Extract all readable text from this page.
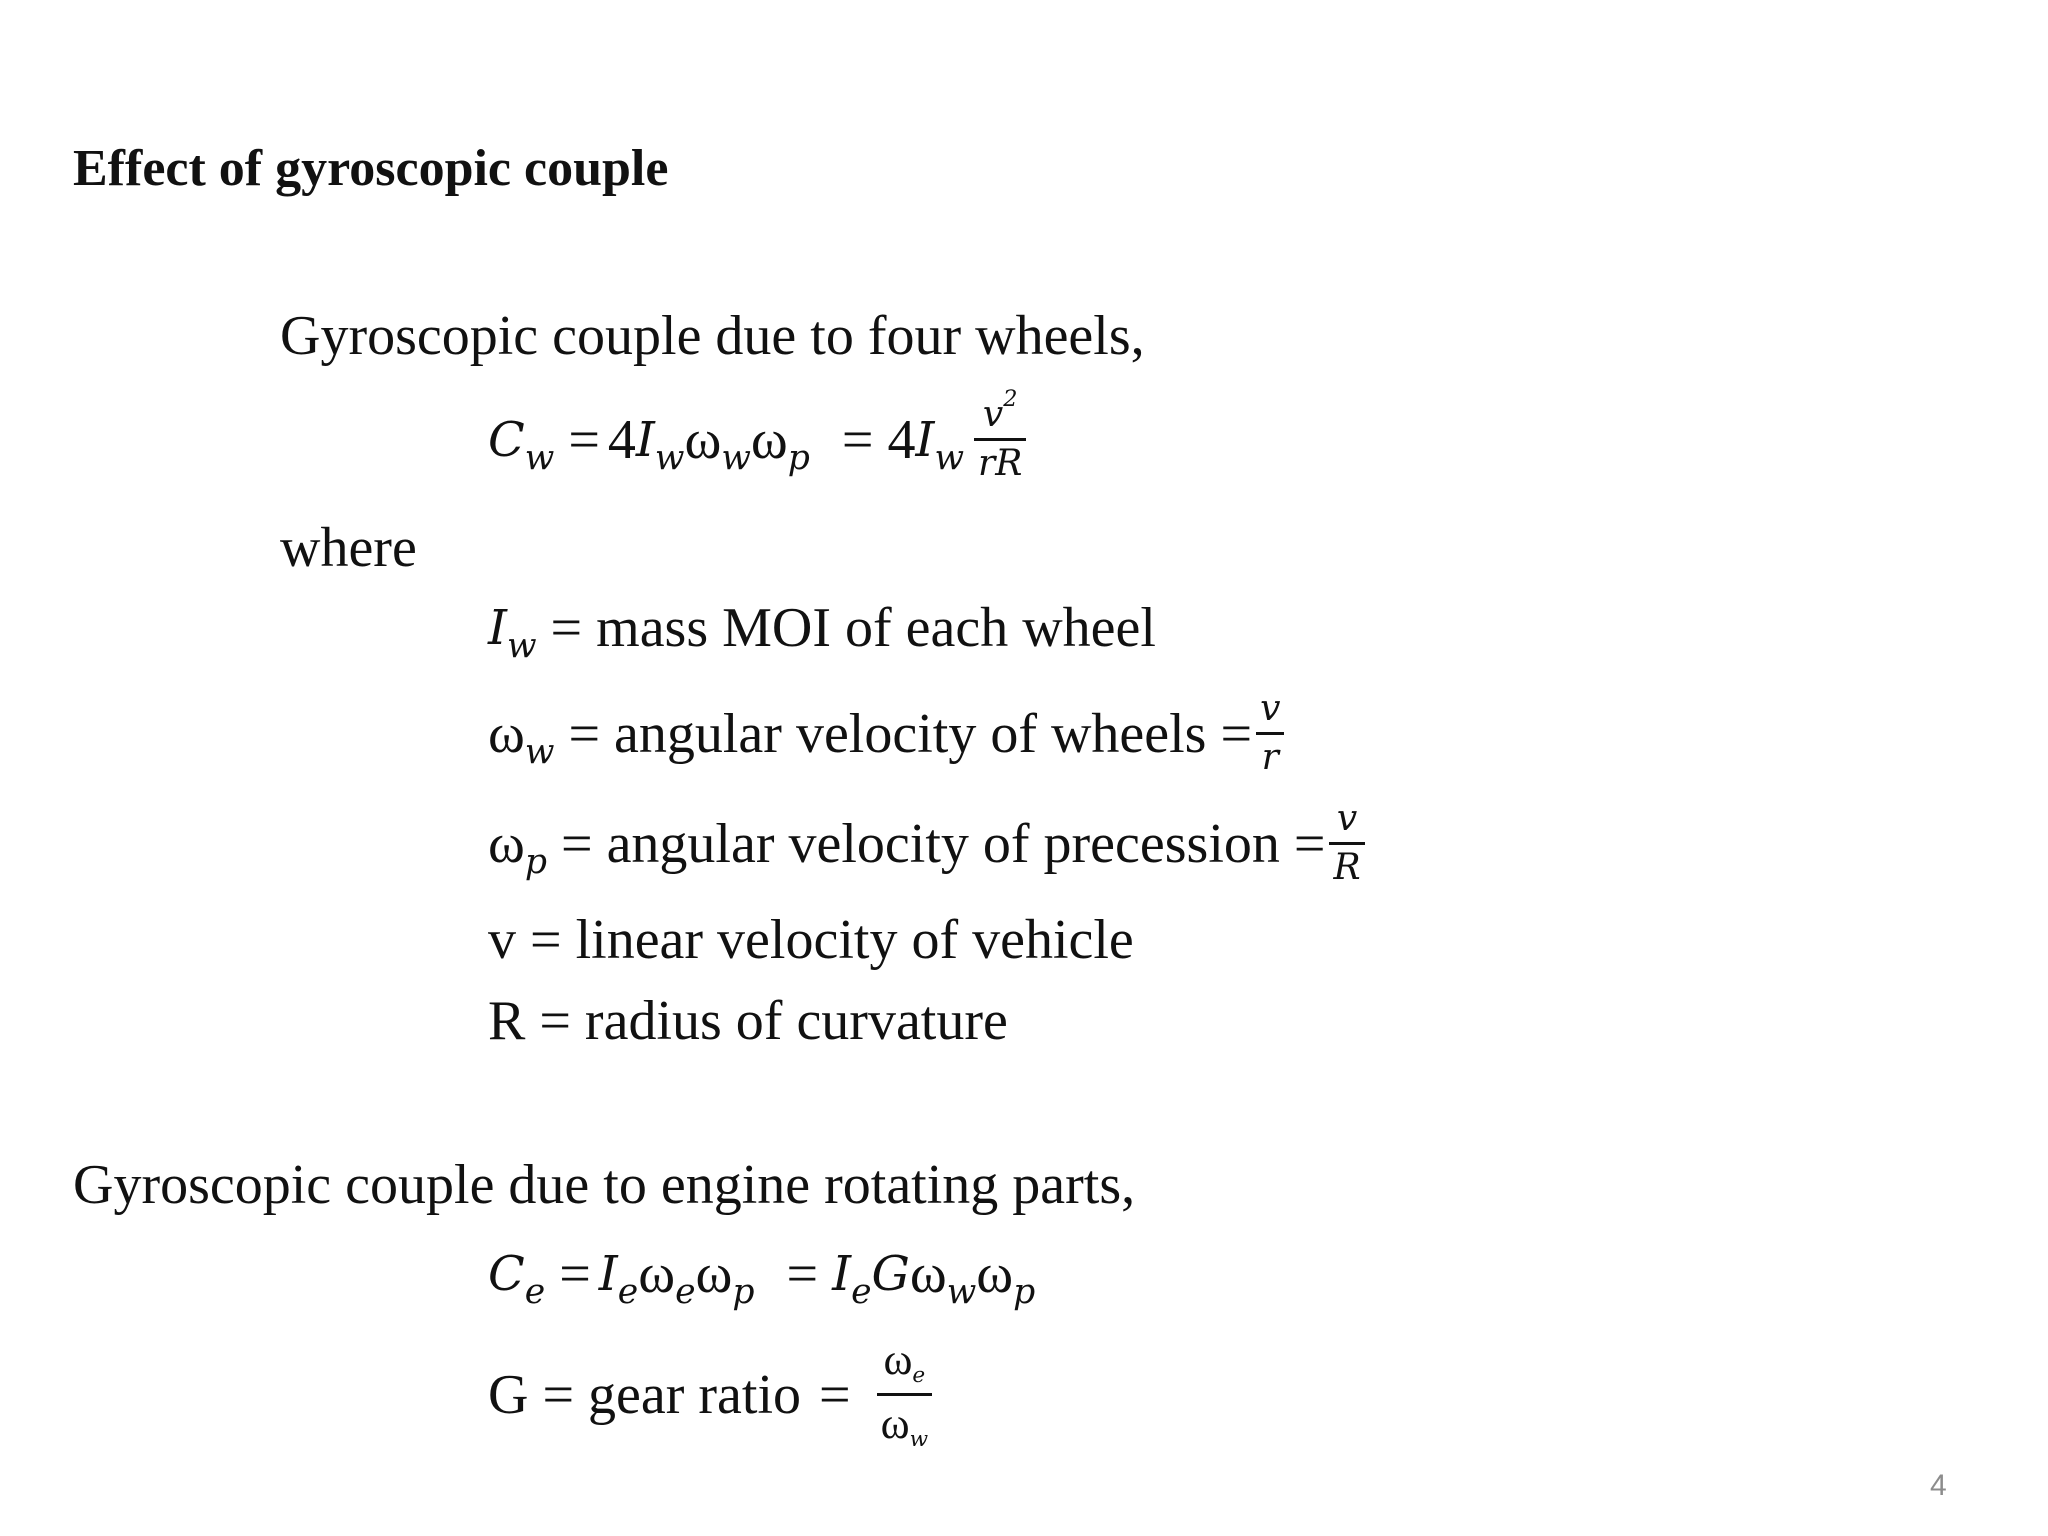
Effect of gyroscopic couple
Gyroscopic couple due to four wheels,
$C_w = 4$ $I_w$ ω $_w$ ω $_p$ = 4 $I_w \frac{v^2}{rR}$
where
$I_w$ = mass MOI of each wheel
ω $_w$ = angular velocity of wheels = $\frac{v}{r}$
ω $_p$ = angular velocity of precession = $\frac{v}{R}$
v = linear velocity of vehicle
R = radius of curvature
Gyroscopic couple due to engine rotating parts,
$C_e = I_e$ ω $_e$ ω $_p = I_e$ G ω $_w$ ω $_p$
G = gear ratio = $\frac{\omega_e}{\omega_w}$
4
